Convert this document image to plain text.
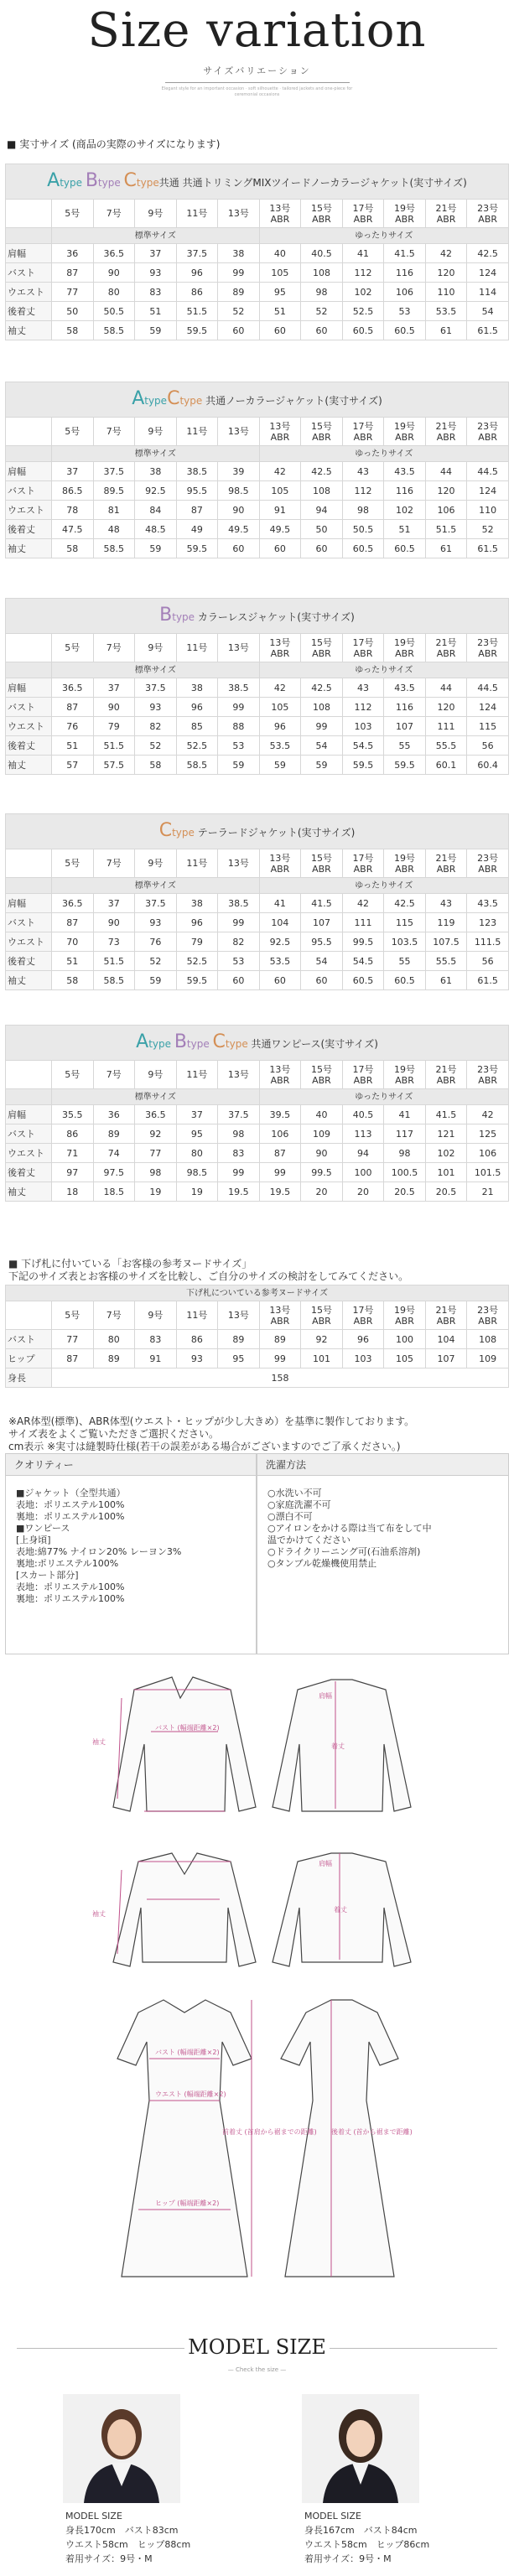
Size variation
サイズバリエーション
Elegant style for an important occasion · soft silhouette · tailored jackets and one-piece for ceremonial occasions
■ 実寸サイズ (商品の実際のサイズになります)
Atype Btype Ctype共通 共通トリミングMIXツイードノーカラージャケット(実寸サイズ)											
	5号	7号	9号	11号	13号	13号 ABR	15号 ABR	17号 ABR	19号 ABR	21号 ABR	23号 ABR
	標準サイズ					ゆったりサイズ					
肩幅	36	36.5	37	37.5	38	40	40.5	41	41.5	42	42.5
バスト	87	90	93	96	99	105	108	112	116	120	124
ウエスト	77	80	83	86	89	95	98	102	106	110	114
後着丈	50	50.5	51	51.5	52	51	52	52.5	53	53.5	54
袖丈	58	58.5	59	59.5	60	60	60	60.5	60.5	61	61.5
AtypeCtype 共通ノーカラージャケット(実寸サイズ)											
	5号	7号	9号	11号	13号	13号 ABR	15号 ABR	17号 ABR	19号 ABR	21号 ABR	23号 ABR
	標準サイズ					ゆったりサイズ					
肩幅	37	37.5	38	38.5	39	42	42.5	43	43.5	44	44.5
バスト	86.5	89.5	92.5	95.5	98.5	105	108	112	116	120	124
ウエスト	78	81	84	87	90	91	94	98	102	106	110
後着丈	47.5	48	48.5	49	49.5	49.5	50	50.5	51	51.5	52
袖丈	58	58.5	59	59.5	60	60	60	60.5	60.5	61	61.5
Btype カラーレスジャケット(実寸サイズ)											
	5号	7号	9号	11号	13号	13号 ABR	15号 ABR	17号 ABR	19号 ABR	21号 ABR	23号 ABR
	標準サイズ					ゆったりサイズ					
肩幅	36.5	37	37.5	38	38.5	42	42.5	43	43.5	44	44.5
バスト	87	90	93	96	99	105	108	112	116	120	124
ウエスト	76	79	82	85	88	96	99	103	107	111	115
後着丈	51	51.5	52	52.5	53	53.5	54	54.5	55	55.5	56
袖丈	57	57.5	58	58.5	59	59	59	59.5	59.5	60.1	60.4
Ctype テーラードジャケット(実寸サイズ)											
	5号	7号	9号	11号	13号	13号 ABR	15号 ABR	17号 ABR	19号 ABR	21号 ABR	23号 ABR
	標準サイズ					ゆったりサイズ					
肩幅	36.5	37	37.5	38	38.5	41	41.5	42	42.5	43	43.5
バスト	87	90	93	96	99	104	107	111	115	119	123
ウエスト	70	73	76	79	82	92.5	95.5	99.5	103.5	107.5	111.5
後着丈	51	51.5	52	52.5	53	53.5	54	54.5	55	55.5	56
袖丈	58	58.5	59	59.5	60	60	60	60.5	60.5	61	61.5
Atype Btype Ctype 共通ワンピース(実寸サイズ)											
	5号	7号	9号	11号	13号	13号 ABR	15号 ABR	17号 ABR	19号 ABR	21号 ABR	23号 ABR
	標準サイズ					ゆったりサイズ					
肩幅	35.5	36	36.5	37	37.5	39.5	40	40.5	41	41.5	42
バスト	86	89	92	95	98	106	109	113	117	121	125
ウエスト	71	74	77	80	83	87	90	94	98	102	106
後着丈	97	97.5	98	98.5	99	99	99.5	100	100.5	101	101.5
袖丈	18	18.5	19	19	19.5	19.5	20	20	20.5	20.5	21
■ 下げ札に付いている「お客様の参考ヌードサイズ」
下記のサイズ表とお客様のサイズを比較し、ご自分のサイズの検討をしてみてください。
下げ札についている参考ヌードサイズ											
	5号	7号	9号	11号	13号	13号 ABR	15号 ABR	17号 ABR	19号 ABR	21号 ABR	23号 ABR
バスト	77	80	83	86	89	89	92	96	100	104	108
ヒップ	87	89	91	93	95	99	101	103	105	107	109
身長	158										
※AR体型(標準)、ABR体型(ウエスト・ヒップが少し大きめ）を基準に製作しております。
サイズ表をよくご覧いただきご選択ください。
cm表示 ※実寸は縫製時仕様(若干の誤差がある場合がございますのでご了承ください。)
クオリティー
■ジャケット（全型共通）
表地：ポリエステル100%
裏地：ポリエステル100%
■ワンピース
[上身頃]
表地:綿77% ナイロン20% レーヨン3%
裏地:ポリエステル100%
[スカート部分]
表地：ポリエステル100%
裏地：ポリエステル100%
洗濯方法
○水洗い不可
○家庭洗濯不可
○漂白不可
○アイロンをかける際は当て布をして中
温でかけてください
○ドライクリーニング可(石油系溶剤)
○タンブル乾燥機使用禁止
袖丈
肩幅
着丈
バスト (幅端距離×2)
袖丈
肩幅
着丈
バスト (幅端距離×2)
ウエスト (幅端距離×2)
ヒップ (幅端距離×2)
前着丈 (首肩から裾までの距離) 後着丈 (首から裾まで距離)
MODEL SIZE
— Check the size —
MODEL SIZE
身長170cm　バスト83cm
ウエスト58cm　ヒップ88cm
着用サイズ：9号・M
MODEL SIZE
身長167cm　バスト84cm
ウエスト58cm　ヒップ86cm
着用サイズ：9号・M
